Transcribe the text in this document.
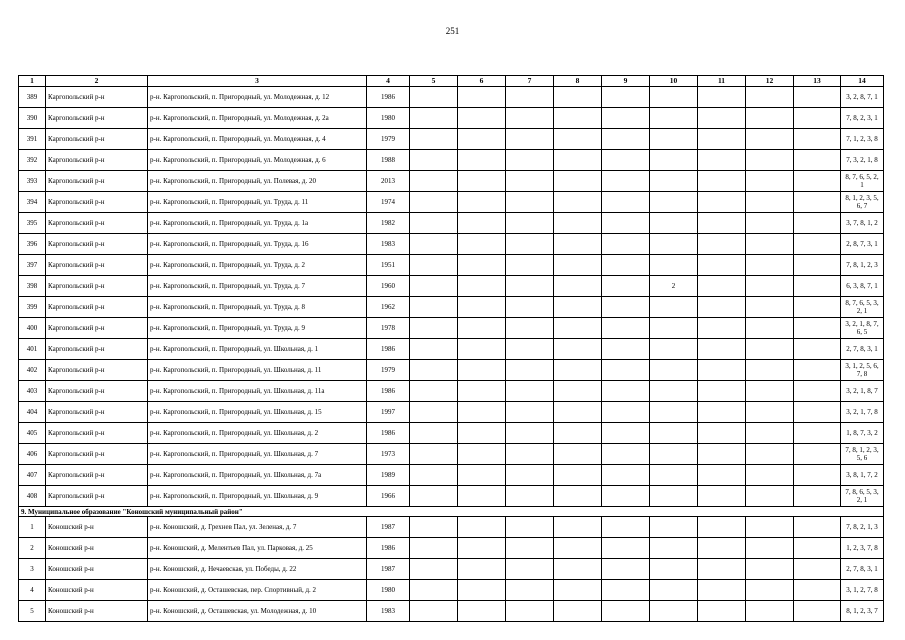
251
1	2	3	4	5	6	7	8	9	10	11	12	13	14
389	Каргопольский р-н	р-н. Каргопольский, п. Пригородный, ул. Молодежная, д. 12	1986										3, 2, 8, 7, 1
390	Каргопольский р-н	р-н. Каргопольский, п. Пригородный, ул. Молодежная, д. 2а	1980										7, 8, 2, 3, 1
391	Каргопольский р-н	р-н. Каргопольский, п. Пригородный, ул. Молодежная, д. 4	1979										7, 1, 2, 3, 8
392	Каргопольский р-н	р-н. Каргопольский, п. Пригородный, ул. Молодежная, д. 6	1988										7, 3, 2, 1, 8
393	Каргопольский р-н	р-н. Каргопольский, п. Пригородный, ул. Полевая, д. 20	2013										8, 7, 6, 5, 2, 1
394	Каргопольский р-н	р-н. Каргопольский, п. Пригородный, ул. Труда, д. 11	1974										8, 1, 2, 3, 5, 6, 7
395	Каргопольский р-н	р-н. Каргопольский, п. Пригородный, ул. Труда, д. 1а	1982										3, 7, 8, 1, 2
396	Каргопольский р-н	р-н. Каргопольский, п. Пригородный, ул. Труда, д. 16	1983										2, 8, 7, 3, 1
397	Каргопольский р-н	р-н. Каргопольский, п. Пригородный, ул. Труда, д. 2	1951										7, 8, 1, 2, 3
398	Каргопольский р-н	р-н. Каргопольский, п. Пригородный, ул. Труда, д. 7	1960						2				6, 3, 8, 7, 1
399	Каргопольский р-н	р-н. Каргопольский, п. Пригородный, ул. Труда, д. 8	1962										8, 7, 6, 5, 3, 2, 1
400	Каргопольский р-н	р-н. Каргопольский, п. Пригородный, ул. Труда, д. 9	1978										3, 2, 1, 8, 7, 6, 5
401	Каргопольский р-н	р-н. Каргопольский, п. Пригородный, ул. Школьная, д. 1	1986										2, 7, 8, 3, 1
402	Каргопольский р-н	р-н. Каргопольский, п. Пригородный, ул. Школьная, д. 11	1979										3, 1, 2, 5, 6, 7, 8
403	Каргопольский р-н	р-н. Каргопольский, п. Пригородный, ул. Школьная, д. 11а	1986										3, 2, 1, 8, 7
404	Каргопольский р-н	р-н. Каргопольский, п. Пригородный, ул. Школьная, д. 15	1997										3, 2, 1, 7, 8
405	Каргопольский р-н	р-н. Каргопольский, п. Пригородный, ул. Школьная, д. 2	1986										1, 8, 7, 3, 2
406	Каргопольский р-н	р-н. Каргопольский, п. Пригородный, ул. Школьная, д. 7	1973										7, 8, 1, 2, 3, 5, 6
407	Каргопольский р-н	р-н. Каргопольский, п. Пригородный, ул. Школьная, д. 7а	1989										3, 8, 1, 7, 2
408	Каргопольский р-н	р-н. Каргопольский, п. Пригородный, ул. Школьная, д. 9	1966										7, 8, 6, 5, 3, 2, 1
9. Муниципальное образование "Коношский муниципальный район"													
1	Коношский р-н	р-н. Коношский, д. Грехнев Пал, ул. Зеленая, д. 7	1987										7, 8, 2, 1, 3
2	Коношский р-н	р-н. Коношский, д. Мелентьев Пал, ул. Парковая, д. 25	1986										1, 2, 3, 7, 8
3	Коношский р-н	р-н. Коношский, д. Нечаевская, ул. Победы, д. 22	1987										2, 7, 8, 3, 1
4	Коношский р-н	р-н. Коношский, д. Осташевская, пер. Спортивный, д. 2	1980										3, 1, 2, 7, 8
5	Коношский р-н	р-н. Коношский, д. Осташевская, ул. Молодежная, д. 10	1983										8, 1, 2, 3, 7
